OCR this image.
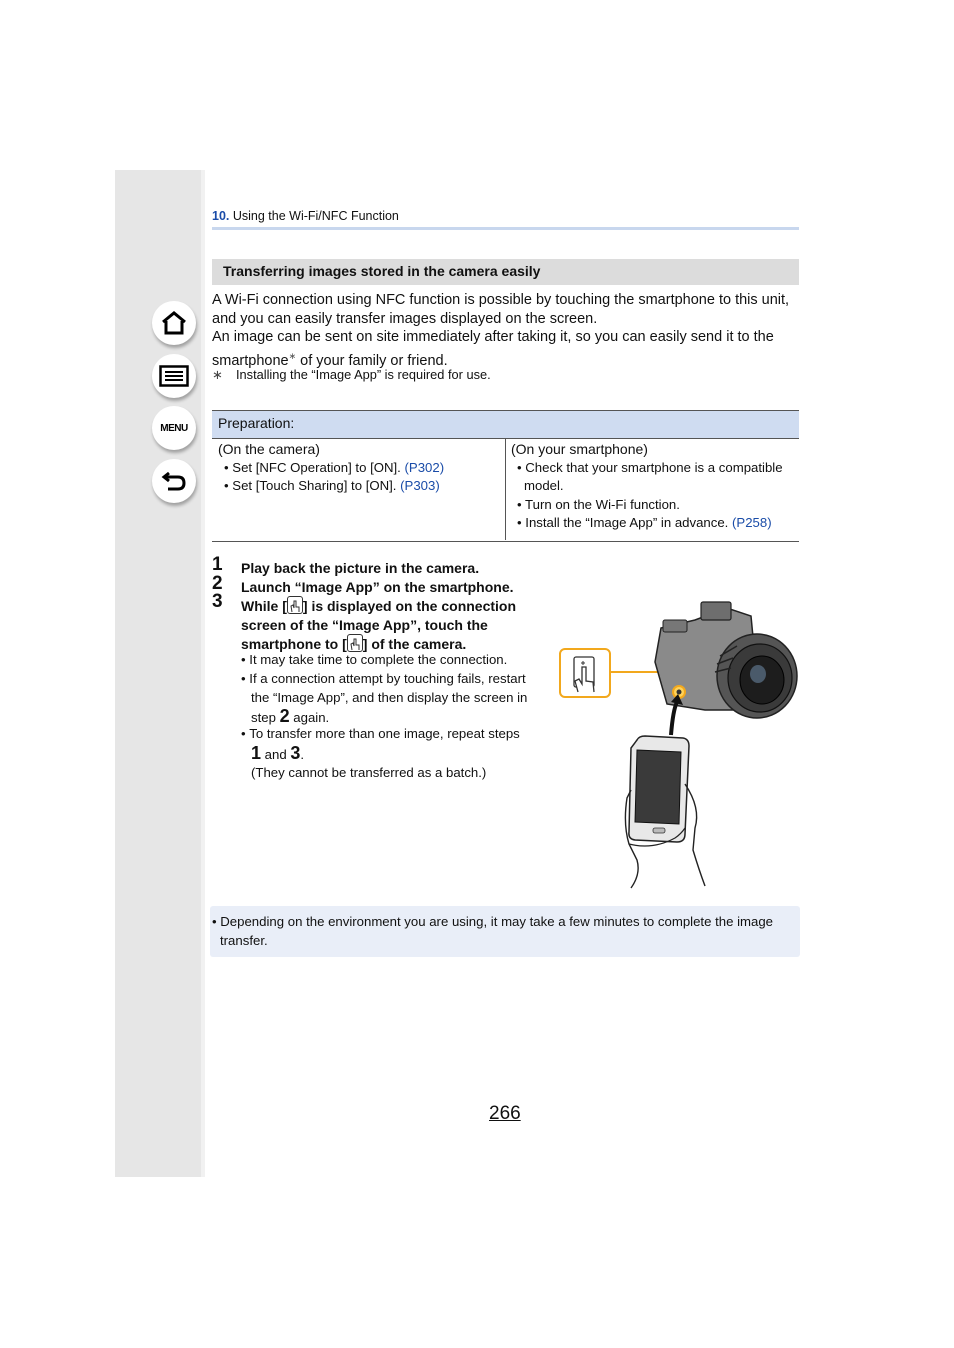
MENU
10. Using the Wi-Fi/NFC Function
Transferring images stored in the camera easily
A Wi-Fi connection using NFC function is possible by touching the smartphone to this unit,
and you can easily transfer images displayed on the screen.
An image can be sent on site immediately after taking it, so you can easily send it to the
smartphone∗ of your family or friend.
∗ Installing the “Image App” is required for use.
Preparation:
(On the camera)
• Set [NFC Operation] to [ON]. (P302)
• Set [Touch Sharing] to [ON]. (P303)
(On your smartphone)
• Check that your smartphone is a compatible
model.
• Turn on the Wi-Fi function.
• Install the “Image App” in advance. (P258)
1 Play back the picture in the camera.
2 Launch “Image App” on the smartphone.
3 While [ ] is displayed on the connection
screen of the “Image App”, touch the
smartphone to [ ] of the camera.
• It may take time to complete the connection.
• If a connection attempt by touching fails, restart
the “Image App”, and then display the screen in
step 2 again.
• To transfer more than one image, repeat steps
1 and 3.
(They cannot be transferred as a batch.)
• Depending on the environment you are using, it may take a few minutes to complete the image
transfer.
266
